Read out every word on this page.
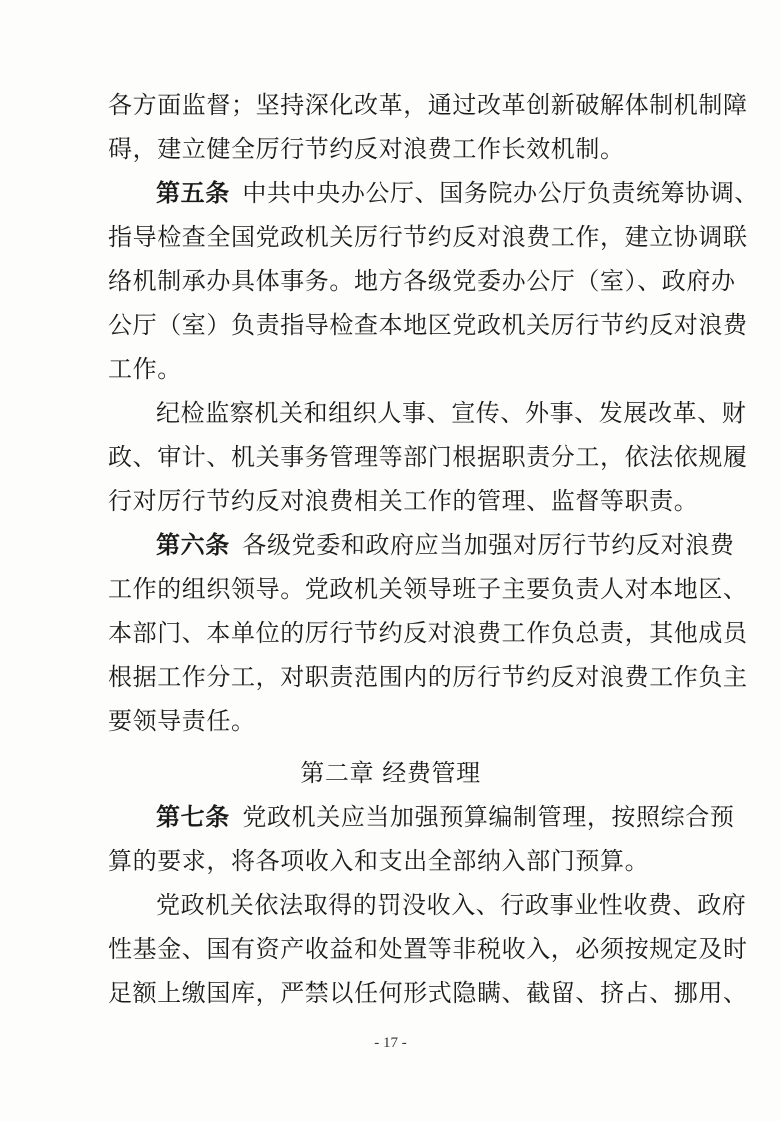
各方面监督；坚持深化改革，通过改革创新破解体制机制障
碍，建立健全厉行节约反对浪费工作长效机制。
第五条  中共中央办公厅、国务院办公厅负责统筹协调、
指导检查全国党政机关厉行节约反对浪费工作，建立协调联
络机制承办具体事务。地方各级党委办公厅（室）、政府办
公厅（室）负责指导检查本地区党政机关厉行节约反对浪费
工作。
纪检监察机关和组织人事、宣传、外事、发展改革、财
政、审计、机关事务管理等部门根据职责分工，依法依规履
行对厉行节约反对浪费相关工作的管理、监督等职责。
第六条  各级党委和政府应当加强对厉行节约反对浪费
工作的组织领导。党政机关领导班子主要负责人对本地区、
本部门、本单位的厉行节约反对浪费工作负总责，其他成员
根据工作分工，对职责范围内的厉行节约反对浪费工作负主
要领导责任。
第二章 经费管理
第七条  党政机关应当加强预算编制管理，按照综合预
算的要求，将各项收入和支出全部纳入部门预算。
党政机关依法取得的罚没收入、行政事业性收费、政府
性基金、国有资产收益和处置等非税收入，必须按规定及时
足额上缴国库，严禁以任何形式隐瞒、截留、挤占、挪用、
- 17 -
